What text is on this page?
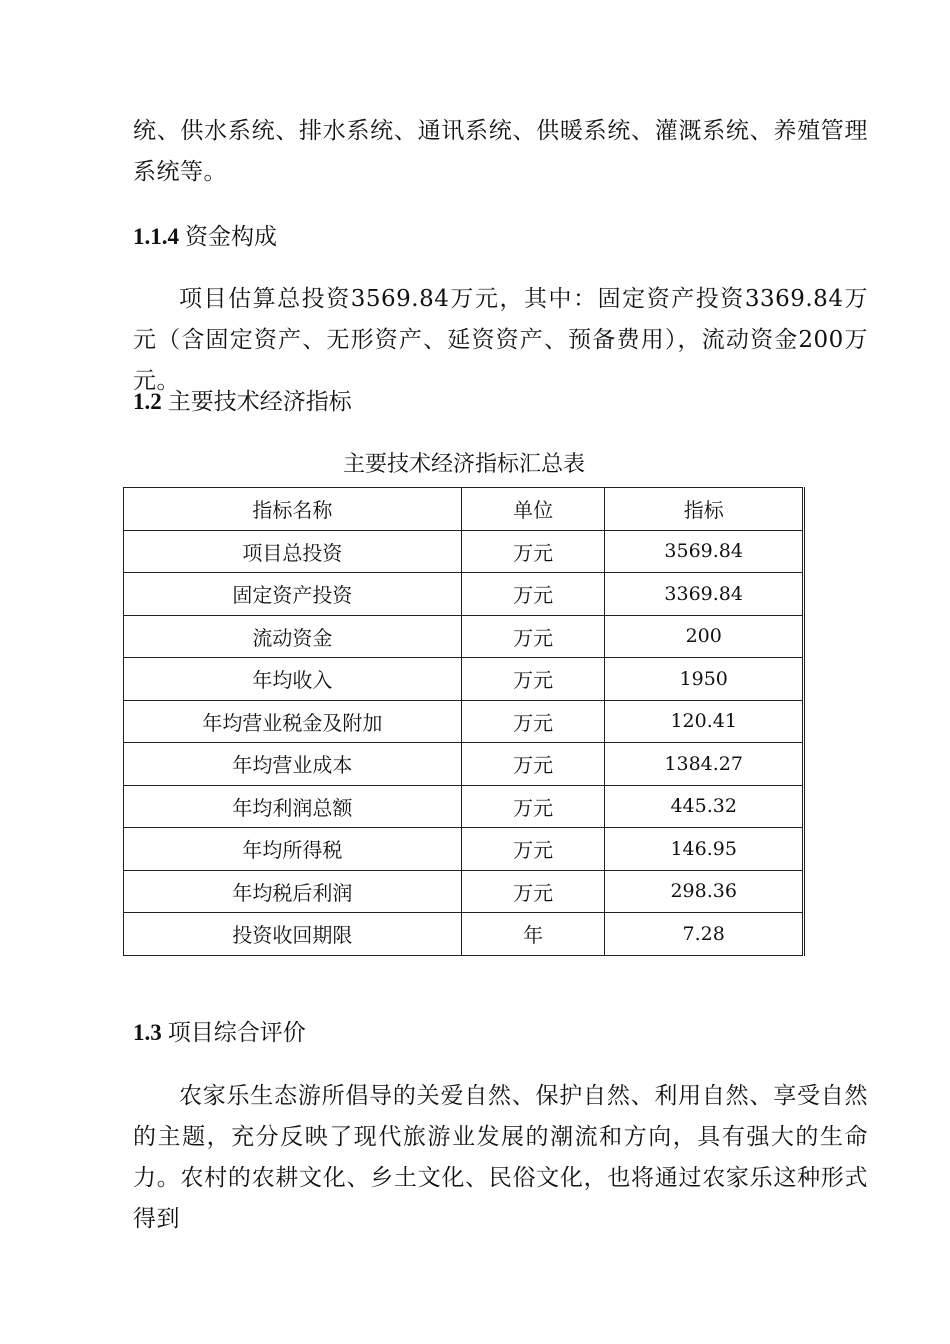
统、供水系统、排水系统、通讯系统、供暖系统、灌溉系统、养殖管理系统等。

1.1.4 资金构成

项目估算总投资3569.84万元，其中：固定资产投资3369.84万元（含固定资产、无形资产、延资资产、预备费用），流动资金200万元。

1.2 主要技术经济指标
主要技术经济指标汇总表
指标名称	单位	指标
项目总投资	万元	3569.84
固定资产投资	万元	3369.84
流动资金	万元	200
年均收入	万元	1950
年均营业税金及附加	万元	120.41
年均营业成本	万元	1384.27
年均利润总额	万元	445.32
年均所得税	万元	146.95
年均税后利润	万元	298.36
投资收回期限	年	7.28
1.3 项目综合评价

农家乐生态游所倡导的关爱自然、保护自然、利用自然、享受自然的主题，充分反映了现代旅游业发展的潮流和方向，具有强大的生命力。农村的农耕文化、乡土文化、民俗文化，也将通过农家乐这种形式得到
